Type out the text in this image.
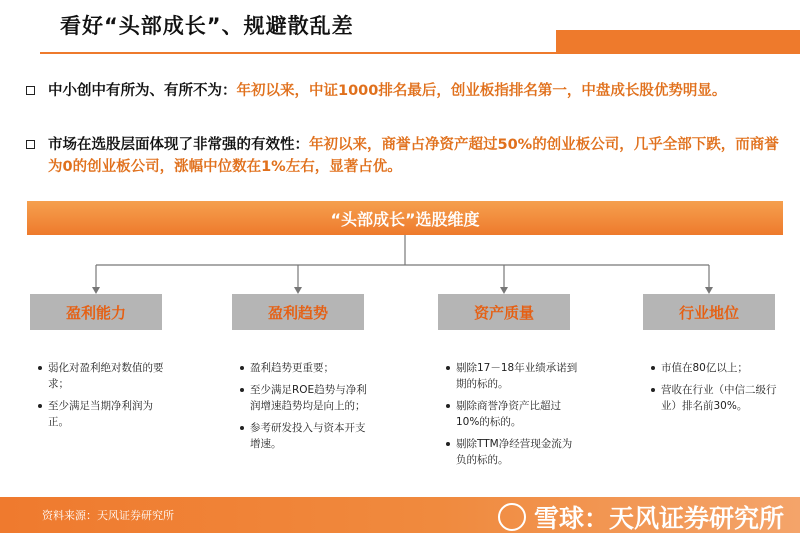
看好“头部成长”、规避散乱差
中小创中有所为、有所不为：年初以来，中证1000排名最后，创业板指排名第一，中盘成长股优势明显。
市场在选股层面体现了非常强的有效性：年初以来，商誉占净资产超过50%的创业板公司，几乎全部下跌，而商誉为0的创业板公司，涨幅中位数在1%左右，显著占优。
“头部成长”选股维度
盈利能力	盈利趋势	资产质量	行业地位
弱化对盈利绝对数值的要求；
至少满足当期净利润为正。
盈利趋势更重要；
至少满足ROE趋势与净利润增速趋势均是向上的；
参考研发投入与资本开支增速。
剔除17－18年业绩承诺到期的标的。
剔除商誉净资产比超过10%的标的。
剔除TTM净经营现金流为负的标的。
市值在80亿以上；
营收在行业（中信二级行业）排名前30%。
资料来源：天风证券研究所	雪球：天风证券研究所
